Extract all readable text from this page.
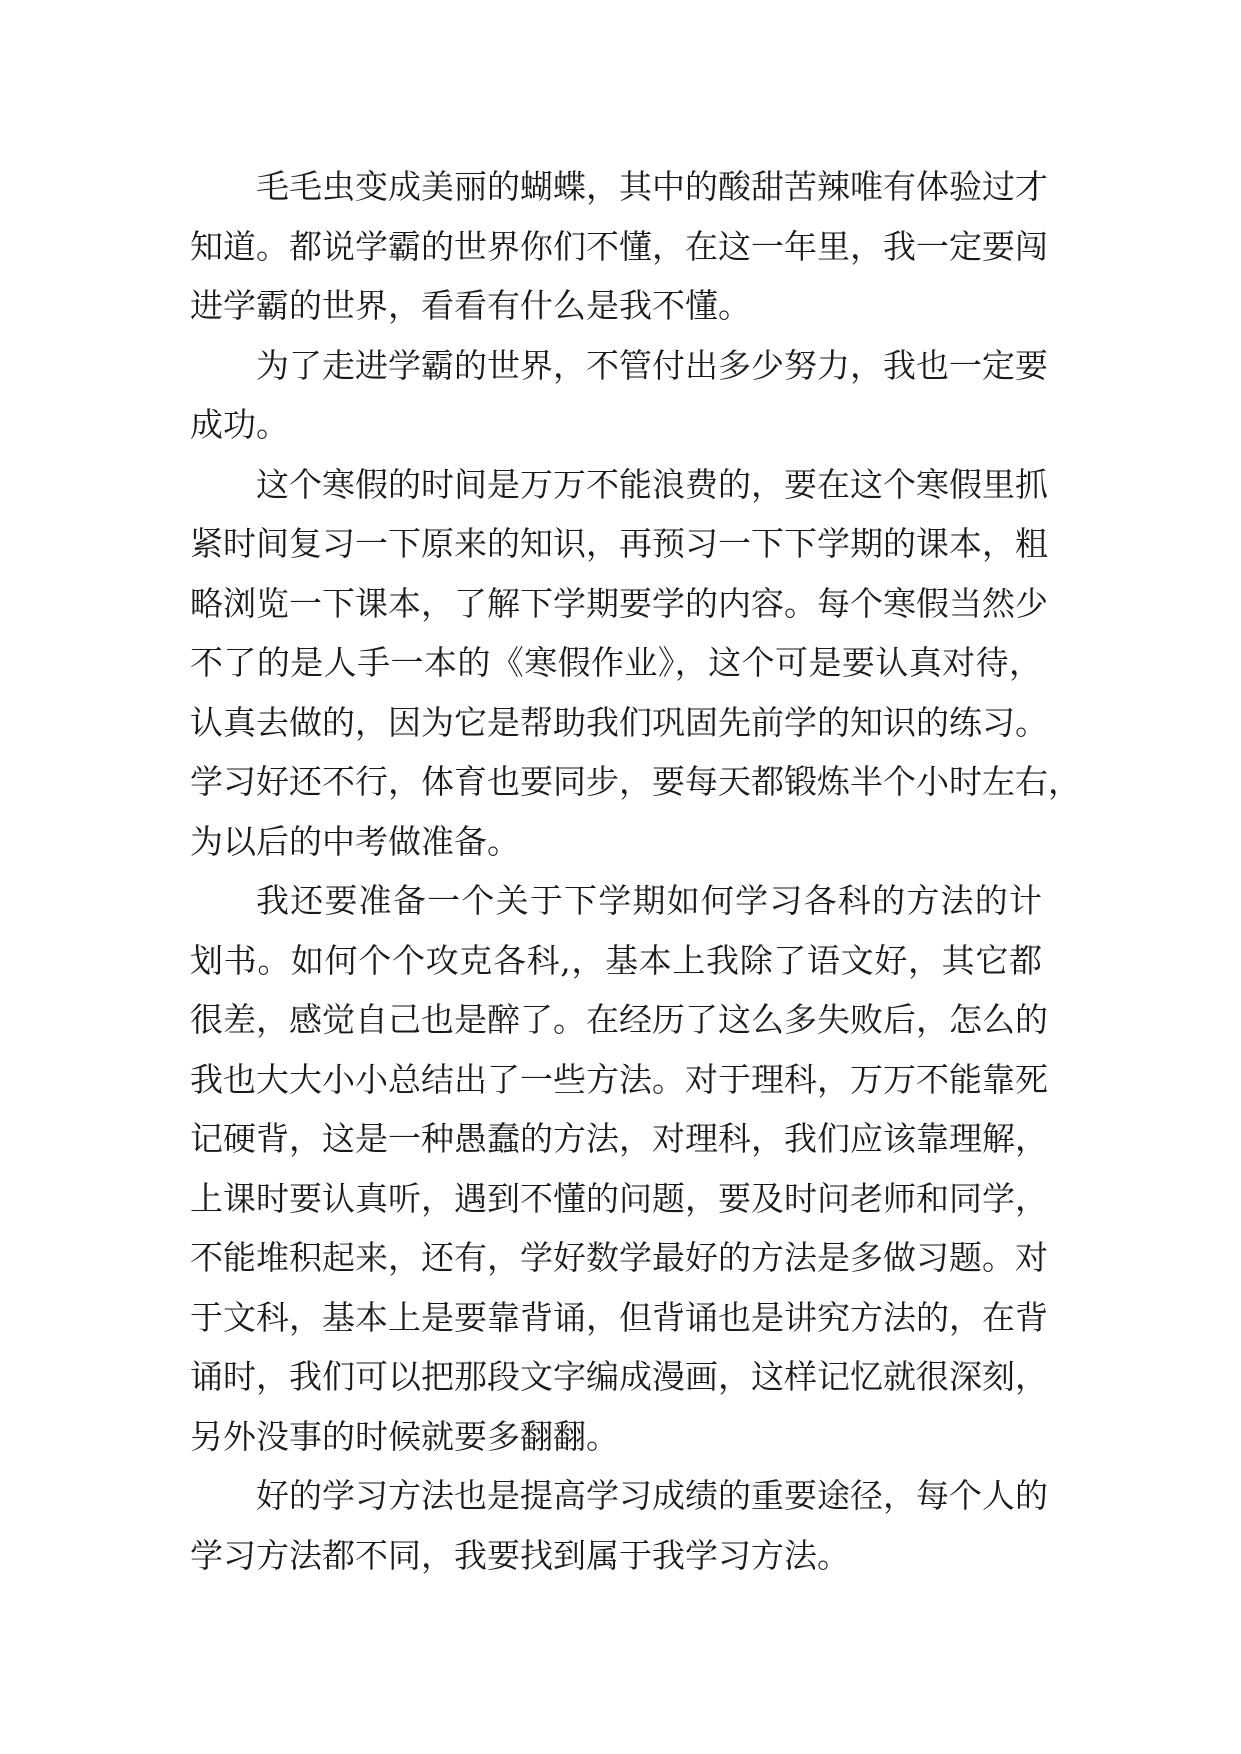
毛毛虫变成美丽的蝴蝶，其中的酸甜苦辣唯有体验过才
知道。都说学霸的世界你们不懂，在这一年里，我一定要闯
进学霸的世界，看看有什么是我不懂。

为了走进学霸的世界，不管付出多少努力，我也一定要
成功。

这个寒假的时间是万万不能浪费的，要在这个寒假里抓
紧时间复习一下原来的知识，再预习一下下学期的课本，粗
略浏览一下课本，了解下学期要学的内容。每个寒假当然少
不了的是人手一本的《寒假作业》，这个可是要认真对待，
认真去做的，因为它是帮助我们巩固先前学的知识的练习。
学习好还不行，体育也要同步，要每天都锻炼半个小时左右，
为以后的中考做准备。

我还要准备一个关于下学期如何学习各科的方法的计
划书。如何个个攻克各科,，基本上我除了语文好，其它都
很差，感觉自己也是醉了。在经历了这么多失败后，怎么的
我也大大小小总结出了一些方法。对于理科，万万不能靠死
记硬背，这是一种愚蠢的方法，对理科，我们应该靠理解，
上课时要认真听，遇到不懂的问题，要及时问老师和同学，
不能堆积起来，还有，学好数学最好的方法是多做习题。对
于文科，基本上是要靠背诵，但背诵也是讲究方法的，在背
诵时，我们可以把那段文字编成漫画，这样记忆就很深刻，
另外没事的时候就要多翻翻。

好的学习方法也是提高学习成绩的重要途径，每个人的
学习方法都不同，我要找到属于我学习方法。
